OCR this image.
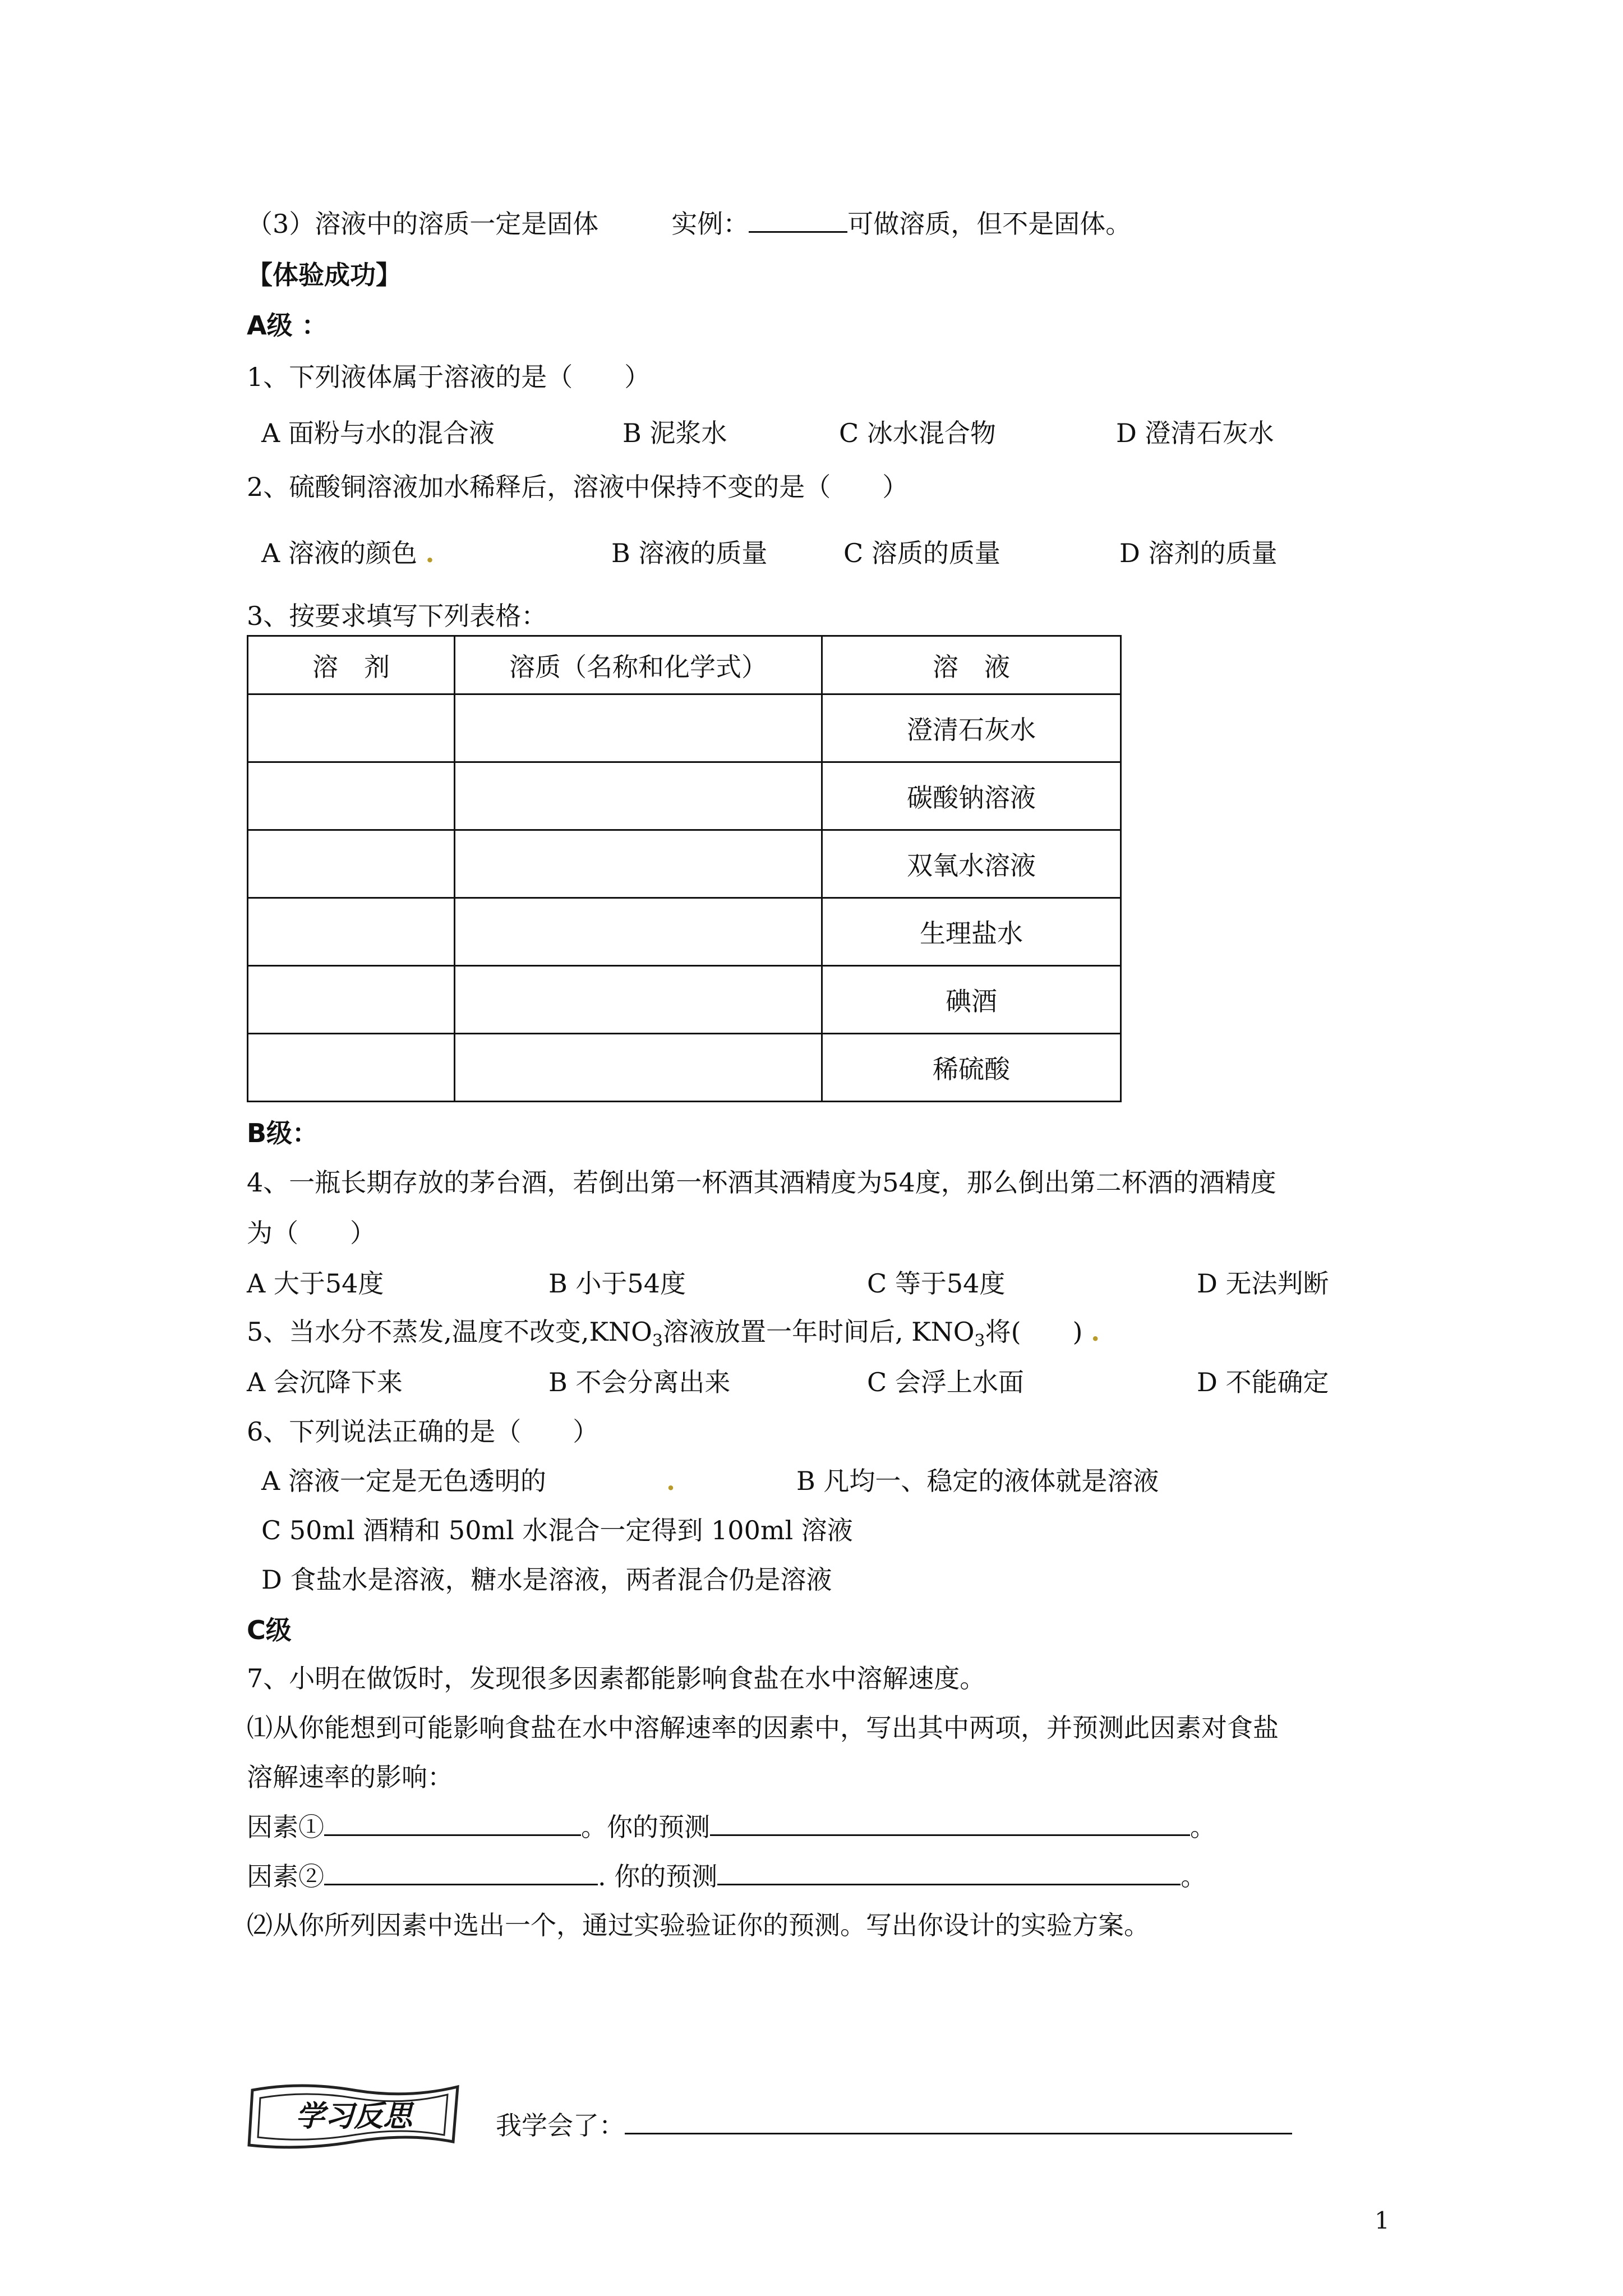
（3）溶液中的溶质一定是固体	实例：	可做溶质，但不是固体。
【体验成功】
A级 ：
1、下列液体属于溶液的是（　　）
A 面粉与水的混合液	B 泥浆水	C 冰水混合物	D 澄清石灰水
2、硫酸铜溶液加水稀释后，溶液中保持不变的是（　　）
A 溶液的颜色 .	B 溶液的质量	C 溶质的质量	D 溶剂的质量
3、按要求填写下列表格：
溶　剂	溶质（名称和化学式）	溶　液
		澄清石灰水
		碳酸钠溶液
		双氧水溶液
		生理盐水
		碘酒
		稀硫酸
B级：
4、一瓶长期存放的茅台酒，若倒出第一杯酒其酒精度为54度，那么倒出第二杯酒的酒精度
为（　　）
A 大于54度	B 小于54度	C 等于54度	D 无法判断
5、当水分不蒸发,温度不改变$,KNO_3$溶液放置一年时间后, $KNO_3$将(　　) .
A 会沉降下来	B 不会分离出来	C 会浮上水面	D 不能确定
6、下列说法正确的是（　　）
A 溶液一定是无色透明的	.	B 凡均一、稳定的液体就是溶液
C 50ml 酒精和 50ml 水混合一定得到 100ml 溶液
D 食盐水是溶液，糖水是溶液，两者混合仍是溶液
C级
7、小明在做饭时，发现很多因素都能影响食盐在水中溶解速度。
⑴从你能想到可能影响食盐在水中溶解速率的因素中，写出其中两项，并预测此因素对食盐
溶解速率的影响：
因素①	。你的预测	。
因素②	. 你的预测	。
⑵从你所列因素中选出一个，通过实验验证你的预测。写出你设计的实验方案。
学习反思	我学会了：
1
